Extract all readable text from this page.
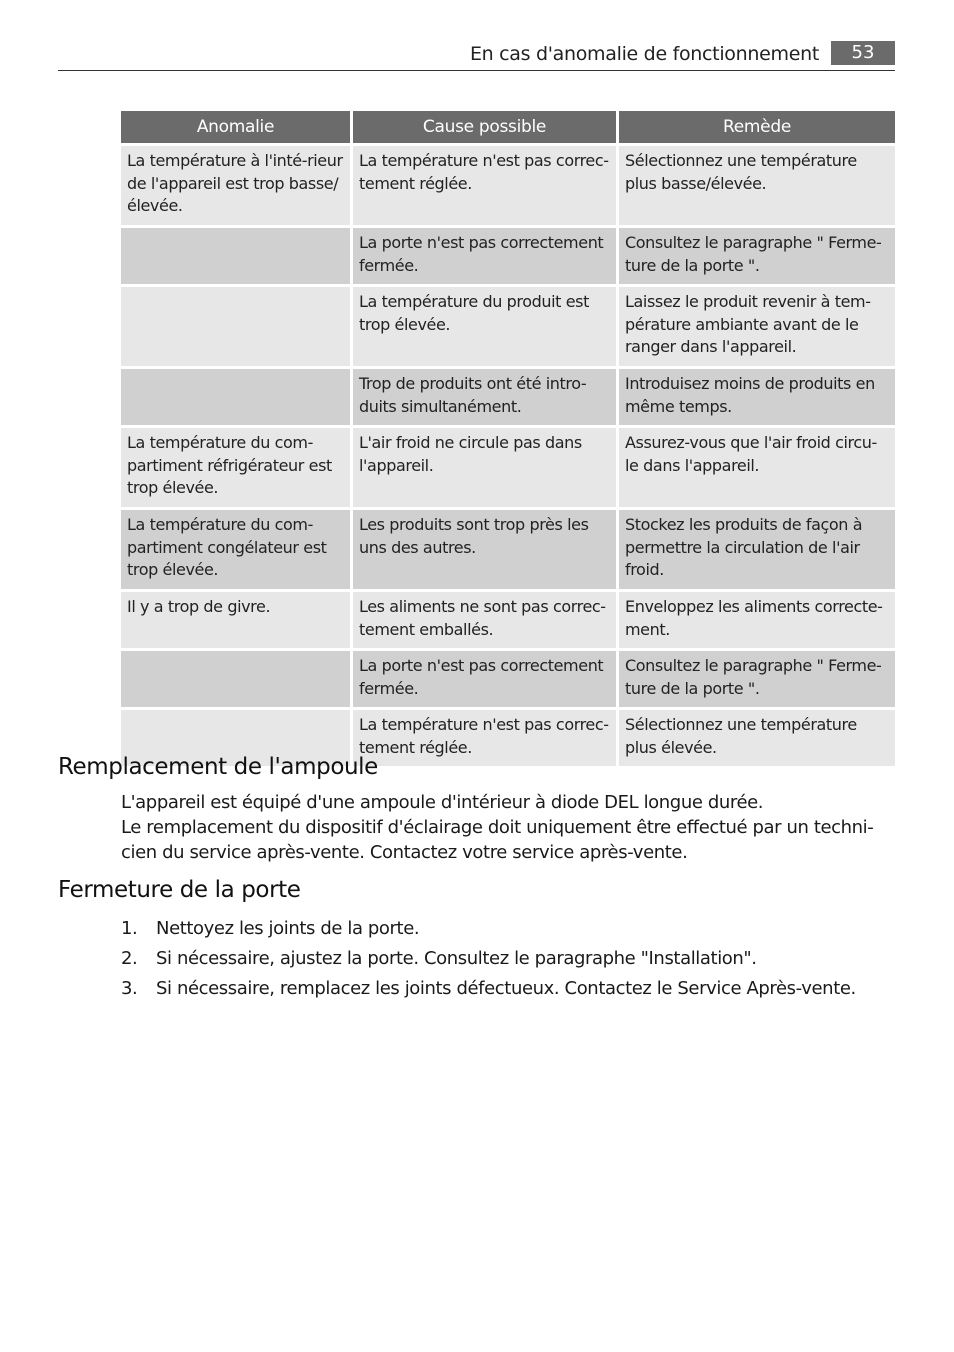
En cas d'anomalie de fonctionnement	53
Anomalie	Cause possible	Remède
La température à l'inté-rieur de l'appareil est trop basse/élevée.	La température n'est pas correc-tement réglée.	Sélectionnez une température plus basse/élevée.
	La porte n'est pas correctement fermée.	Consultez le paragraphe " Ferme-ture de la porte ".
	La température du produit est trop élevée.	Laissez le produit revenir à tem-pérature ambiante avant de le ranger dans l'appareil.
	Trop de produits ont été intro-duits simultanément.	Introduisez moins de produits en même temps.
La température du com-partiment réfrigérateur est trop élevée.	L'air froid ne circule pas dans l'appareil.	Assurez-vous que l'air froid circu-le dans l'appareil.
La température du com-partiment congélateur est trop élevée.	Les produits sont trop près les uns des autres.	Stockez les produits de façon à permettre la circulation de l'air froid.
Il y a trop de givre.	Les aliments ne sont pas correc-tement emballés.	Enveloppez les aliments correcte-ment.
	La porte n'est pas correctement fermée.	Consultez le paragraphe " Ferme-ture de la porte ".
	La température n'est pas correc-tement réglée.	Sélectionnez une température plus élevée.
Remplacement de l'ampoule

L'appareil est équipé d'une ampoule d'intérieur à diode DEL longue durée.

Le remplacement du dispositif d'éclairage doit uniquement être effectué par un techni-cien du service après-vente. Contactez votre service après-vente.

Fermeture de la porte
1. Nettoyez les joints de la porte.
2. Si nécessaire, ajustez la porte. Consultez le paragraphe "Installation".
3. Si nécessaire, remplacez les joints défectueux. Contactez le Service Après-vente.
